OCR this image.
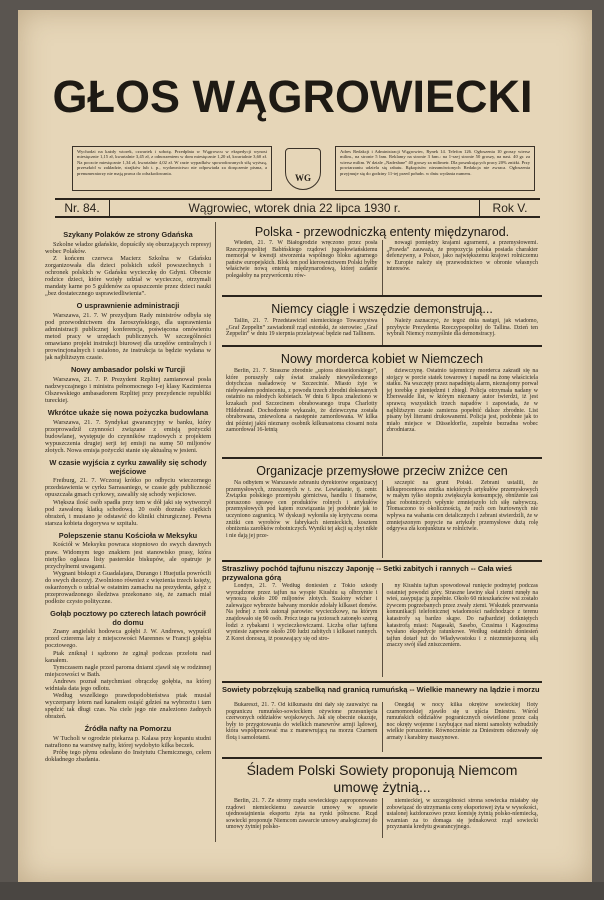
GŁOS WĄGROWIECKI
Wychodzi na każdy wtorek, czwartek i sobotę. Przedpłata w Wągrowcu w ekspedycji wynosi miesięcznie 1,15 zł, kwartalnie 3,45 zł, z odnoszeniem w dom miesięcznie 1,20 zł, kwartalnie 3,60 zł. Na poczcie miesięcznie 1,34 zł, kwartalnie 4,02 zł. W razie wypadków spowodowanych siłą wyższą, przeszkód w zakładzie, strajków lub t. p., wydawnictwo nie odpowiada za doręczenie pisma, a prenumeratorzy nie mają prawa do odszkodowania.	WG
Adres Redakcji i Administracji Wągrowiec, Rynek 14. Telefon 126. Ogłoszenia 10 groszy wiersz milim., na stronie 5 łam. Reklamy na stronie 3 łam.: na 1-szej stronie 50 groszy, na nast. 40 gr. za wiersz milim. W dziale „Nadesłane” 40 groszy za milimetr. Dla poszukujących pracy 20% zniżki. Przy powtarzaniu udziela się rabatu. Rękopisów niezamówionych Redakcja nie zwraca. Ogłoszenia przyjmuje się do godziny 11-tej przed połudn. w dniu wydania numeru.
Nr. 84.	Wągrowiec, wtorek dnia 22 lipca 1930 r.	Rok V.
Szykany Polaków ze strony Gdańska

Szkolne władze gdańskie, dopuściły się oburzających represyj wobec Polaków.

Z końcem czerwca Macierz Szkolna w Gdańsku zorganizowała dla dzieci polskich szkół powszechnych i ochronek polskich w Gdańsku wycieczkę do Gdyni. Obecnie rodzice dzieci, które wzięły udział w wycieczce, otrzymali mandaty karne po 5 guldenów za opuszczenie przez dzieci nauki „bez dostatecznego usprawiedliwienia”.

O usprawnienie administracji

Warszawa, 21. 7. W prezydjum Rady ministrów odbyła się pod przewodnictwem dra Jaroszyńskiego, dla usprawnienia administracji publicznej konferencja, poświęcona omówieniu metod pracy w urzędach publicznych. W szczególności omawiano projekt instrukcji biurowej dla urzędów centralnych i prowincjonalnych i ustalono, że instrukcja ta będzie wydana w jak najbliższym czasie.

Nowy ambasador polski w Turcji

Warszawa, 21. 7. P. Prezydent Rzplitej zamianował posła nadzwyczajnego i ministra pełnomocnego I-ej klasy Kazimierza Olszewskiego ambasadorem Rzplitej przy prezydencie republiki tureckiej.

Wkrótce ukaże się nowa pożyczka budowlana

Warszawa, 21. 7. Syndykat gwarancyjny w banku, który przeprowadził czynności związane z emisją pożyczki budowlanej, występuje do czynników rządowych z projektem wypuszczenia drugiej serji tej emisji na sumę 50 miljonów złotych. Nowa emisja pożyczki stanie się aktualną w jesieni.

W czasie wyjścia z cyrku zawaliły się schody wejściowe

Freiburg, 21. 7. Wczoraj krótko po odbyciu wieczornego przedstawienia w cyrku Sarrasaniego, w czasie gdy publiczność opuszczała gmach cyrkowy, zawaliły się schody wejściowe.

Większa ilość osób spadła przy tem w dół jaki się wytworzył pod zawaloną klatką schodową. 20 osób doznało ciężkich obrażeń, i musiano je odstawić do kliniki chirurgicznej. Pewna starsza kobieta dogorywa w szpitalu.

Polepszenie stanu Kościoła w Meksyku

Kościół w Meksyku powraca stopniowo do swych dawnych praw. Widomym tego znakiem jest stanowisko prasy, która nietylko ogłasza listy pasterskie biskupów, ale opatruje je przychylnemi uwagami.

Wygnani biskupi z Guadalajara, Durango i Huejutla powrócili do swych diecezyj. Zwolniono również z więzienia trzech księży, oskarżonych o udział w ostatnim zamachu na prezydenta, gdyż z przeprowadzonego śledztwa przekonano się, że zamach miał podłoże czysto polityczne.

Gołąb pocztowy po czterech latach powrócił do domu

Znany angielski hodowca gołębi J. W. Andrews, wypuścił przed czterema laty z miejscowości Marennes w Francji gołębia pocztowego.

Ptak zniknął i sądzono że zginął podczas przelotu nad kanałem.

Tymczasem nagle przed paroma dniami zjawił się w rodzinnej miejscowości w Bath.

Andrews poznał natychmiast obrączkę gołębia, na której widniała data jego odlotu.

Według wszelkiego prawdopodobieństwa ptak musiał wyczerpany lotem nad kanałem osiąść gdzieś na wybrzeżu i tam spędzić tak długi czas. Na ciele jego nie znaleziono żadnych obrażeń.

Źródła nafty na Pomorzu

W Tucholi w ogrodzie piekarza p. Kalasa przy kopaniu studni natrafiono na warstwę nafty, której wydobyto kilka beczek.

Próbę tego płynu odesłano do Instytutu Chemicznego, celem dokładnego zbadania.

Polska - przewodniczką ententy międzynarod.
Wiedeń, 21. 7. W Białogrodzie wręczono przez posła Rzeczypospolitej Babińskiego rządowi jugosłowiańskiemu memorjał w kwestji stworzenia wspólnego bloku agrarnego państw europejskich. Blok ten pod kierownictwem Polski byłby właściwie nową ententą międzynarodową, której zadanie polegałoby na przywróceniu rów-
nowagi pomiędzy krajami agrarnemi, a przemysłowemi. „Prawda” zauważa, że propozycja polska posiada charakter defenzywny, a Polsce, jako największemu krajowi rolniczemu w Europie należy się przewodnictwo w obronie własnych interesów.
Niemcy ciągle i wszędzie demonstrują...
Tallin, 21. 7. Przedstawiciel niemieckiego Towarzystwa „Graf Zeppelin” zawiadomił rząd estoński, że sterowiec „Graf Zeppelin” w dniu 19 sierpnia przelatywać będzie nad Tallinem.
Należy zaznaczyć, że tegoż dnia nastąpi, jak wiadomo, przybycie Prezydenta Rzeczypospolitej do Tallina. Dzień ten wybrali Niemcy rozmyślnie dla demonstracyj.
Nowy morderca kobiet w Niemczech
Berlin, 21. 7. Straszne zbrodnie „upiora düsseldorskiego”, które poruszyły cały świat znalazły niewyśledzonego dotychczas naśladowcę w Szczecinie. Miasto żyje w niebywałem podnieceniu, z powodu trzech zbrodni dokonanych ostatnio na młodych kobietach. W dniu 6 lipca znaleziono w krzakach pod Szczecinem obrabowanego trupa Charlotty Hildebrand. Dochodzenie wykazało, że dziewczyna została obrabowana, zniewolona a następnie zamordowana. W kilka dni później jakiś nieznany osobnik kilkunastoma ciosami noża zamordował 16-letnią
dziewczynę. Ostatnio tajemniczy morderca zakradł się na stojący w porcie statek towarowy i napadł na żonę właściciela statku. Na wszczęty przez napadniętą alarm, nieznajomy porwał jej torebkę z pieniędzmi i zbiegł. Policja otrzymała nadany w Eberswalde list, w którym nieznany autor twierdzi, iż jest sprawcą wszystkich trzech napadów i zapowiada, że w najbliższym czasie zamierza popełnić dalsze zbrodnie. List pisany był literami drukowanemi. Policja jest, podobnie jak to miało miejsce w Düsseldorfie, zupełnie bezradna wobec zbrodniarza.
Organizacje przemysłowe przeciw zniżce cen
Na odbytem w Warszawie zebraniu dyrektorów organizacyj przemysłowych, zrzeszonych w t. zw. Lewiatanie, tj. centr. Związku polskiego przemysłu górnictwa, handlu i finansów, poruszono sprawę cen produktów rolnych i artykułów przemysłowych pod kątem rozwiązania jej podobnie jak to uczyniono zagranicą. W dyskusji wyłoniła się krytyczna ocena zniżki cen wyrobów w fabrykach niemieckich, kosztem obniżenia zarobków robotniczych. Wyniki tej akcji są zbyt nikłe i nie dają jej prze-
szczepić na grunt Polski. Zebrani ustalili, że kilkuprocentowa zniżka niektórych artykułów przemysłowych w małym tylko stopniu zwiększyła konsumpcję, obniżenie zaś płac robotniczych wpłynie zmniejszyło ich siłę nabywczą. Tłomaczono to okolicznością, że ruch cen hurtownych nie wpływa na wahania cen detalicznych i zebrani stwierdzili, że w zmniejszonym popycie na artykuły przemysłowe dużą rolę odgrywa zła konjunktura w rolnictwie.
Straszliwy pochód tajfunu niszczy Japonję -- Setki zabitych i rannych -- Cała wieś przywalona górą
Londyn, 21. 7. Według doniesień z Tokio szkody wyrządzone przez tajfun na wyspie Kiushiu są olbrzymie i wynoszą około 200 miljonów złotych. Szalony wicher i zalewające wybrzeże bałwany morskie zdołały kilkaset domów. Na jednej z rzek zatonął parowiec wycieczkowy, na którym znajdowało się 90 osób. Prócz tego na jeziorach zatonęło szereg łodzi z rybakami i wycieczkowiczami. Liczba ofiar tajfunu wyniesie zapewne około 200 ludzi zabitych i kilkaset rannych. Z Korei donoszą, iż posuwający się od stro-
ny Kiushiu tajfun spowodował runięcie podmytej podczas ostatniej powodzi góry. Straszne lawiny skał i ziemi runęły na wieś, zasypując ją zupełnie. Około 60 mieszkańców wsi zostało żywcem pogrzebanych przez zwały ziemi. Wskutek przerwania komunikacji telefonicznej wiadomości nadchodzące z terenu katastrofy są bardzo skąpe. Do najbardziej dotkniętych katastrofą miast: Nagasaki, Sasebo, Czusima i Kagoszima wysłano ekspedycje ratunkowe. Według ostatnich doniesień tajfun dotarł już do Władywostoku i z niezmniejszoną siłą znaczy swój ślad zniszczeniem.
Sowiety pobrzękują szabelką nad granicą rumuńską -- Wielkie manewry na lądzie i morzu
Bukareszt, 21. 7. Od kilkunastu dni dały się zauważyć na pograniczu rumuńsko-sowieckiem ożywione przesunięcia czerwonych oddziałów wojskowych. Jak się obecnie okazuje, były to przygotowania do wielkich manewrów armji lądowej, która współpracować ma z manewrującą na morzu Czarnem flotą i samolotami.
Onegdaj w nocy kilka okrętów sowieckiej floty czarnomorskiej zjawiło się u ujścia Dniestru. Wśród rumuńskich oddziałów pogranicznych oświetlone przez całą noc okręty wojenne i szybujące nad niemi samoloty wzbudziły wielkie poruszenie. Równocześnie za Dniestrem odezwały się armaty i karabiny maszynowe.
Śladem Polski Sowiety proponują Niemcom umowę żytnią...
Berlin, 21. 7. Ze strony rządu sowieckiego zaproponowano rządowi niemieckiemu zawarcie umowy w sprawie ujednostajnienia eksportu żyta na rynki północne. Rząd sowiecki proponuje Niemcom zawarcie umowy analogicznej do umowy żytniej polsko-
niemieckiej, w szczególności strona sowiecka miałaby się zobowiązać do utrzymania ceny eksportowej żyta w wysokości, ustalonej każdorazowo przez komisję żytnią polsko-niemiecką, wzamian za to domaga się jednakowoż rząd sowiecki przyznania kredytu gwarancyjnego.
